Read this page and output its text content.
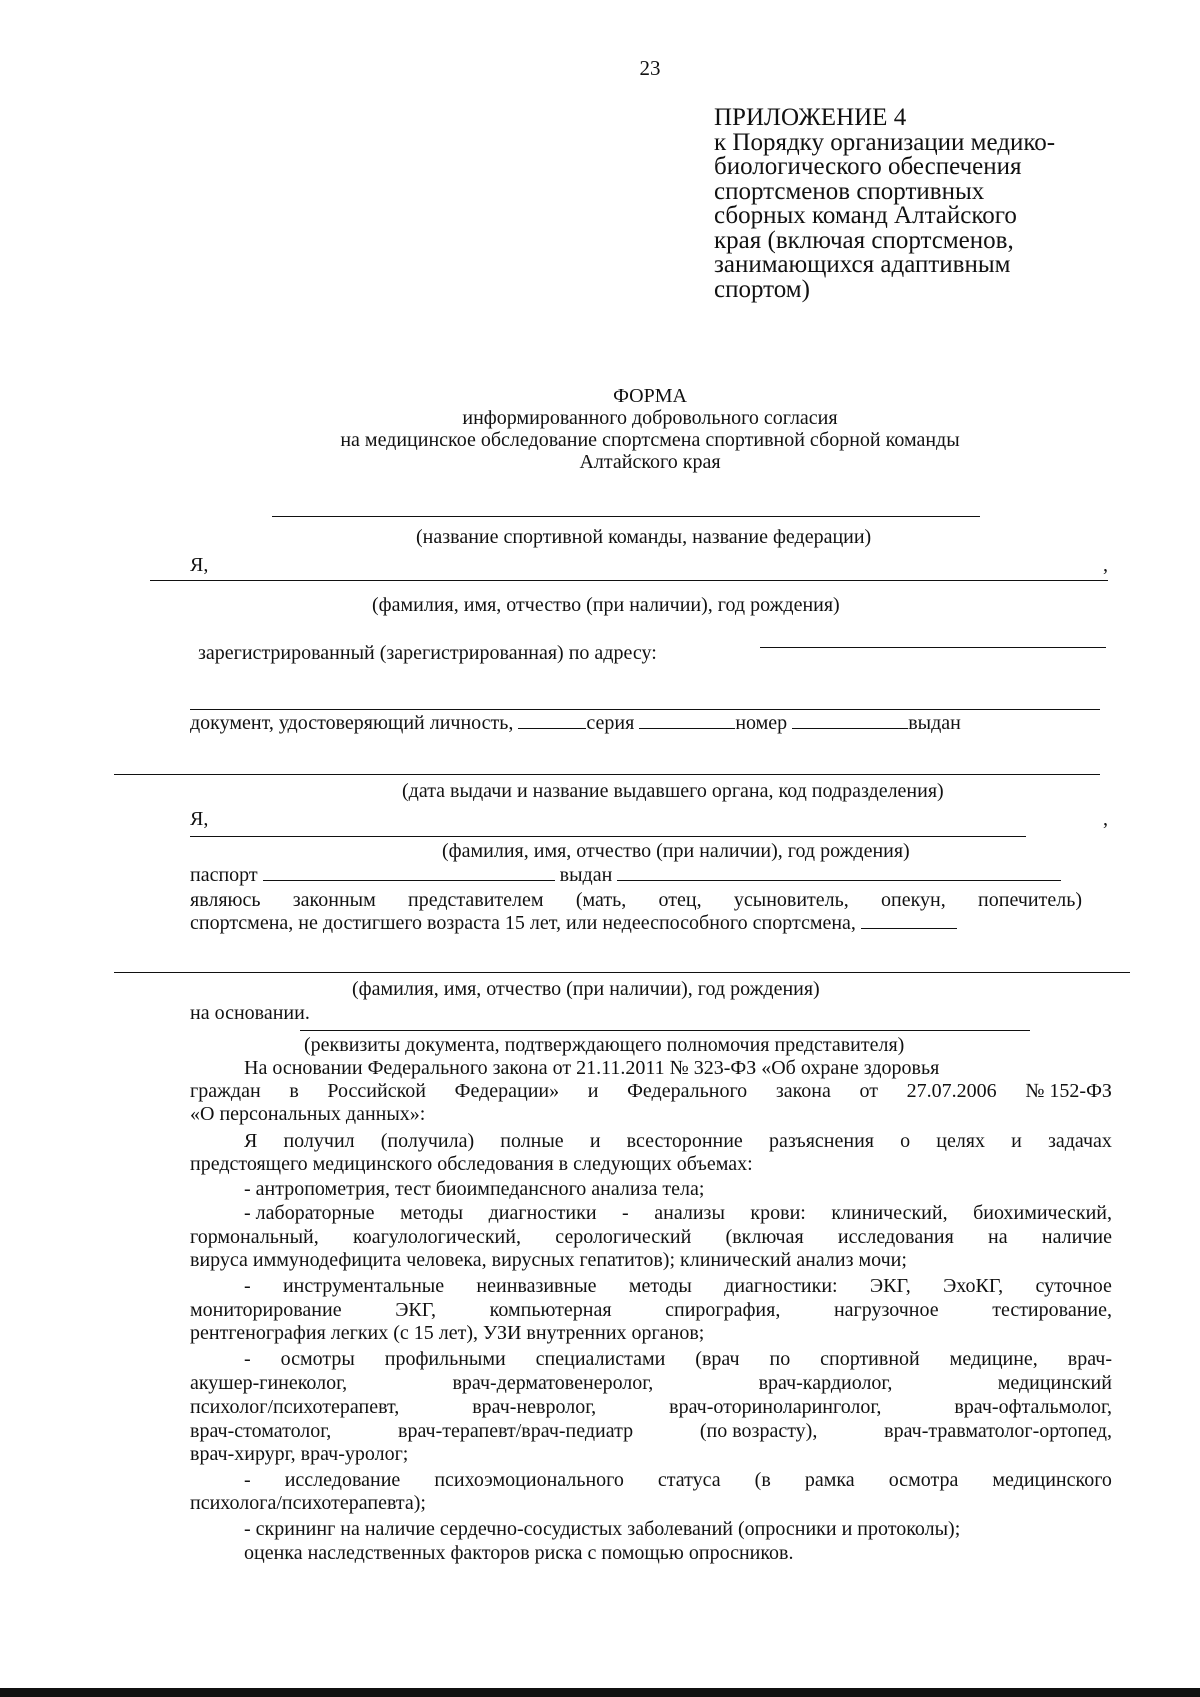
23
ПРИЛОЖЕНИЕ 4
к Порядку организации медико-
биологического обеспечения
спортсменов спортивных
сборных команд Алтайского
края (включая спортсменов,
занимающихся адаптивным
спортом)
ФОРМА
информированного добровольного согласия
на медицинское обследование спортсмена спортивной сборной команды
Алтайского края
(название спортивной команды, название федерации)
Я,	,
(фамилия, имя, отчество (при наличии), год рождения)
зарегистрированный (зарегистрированная) по адресу:
документ, удостоверяющий личность,	серия	номер	выдан
(дата выдачи и название выдавшего органа, код подразделения)
Я,	,
(фамилия, имя, отчество (при наличии), год рождения)
паспорт	выдан
являюсь законным представителем (мать, отец, усыновитель, опекун, попечитель)
спортсмена, не достигшего возраста 15 лет, или недееспособного спортсмена,
(фамилия, имя, отчество (при наличии), год рождения)
на основании.
(реквизиты документа, подтверждающего полномочия представителя)
На основании Федерального закона от 21.11.2011 № 323-ФЗ «Об охране здоровья
граждан в Российской Федерации» и Федерального закона от 27.07.2006 № 152-ФЗ
«О персональных данных»:
Я получил (получила) полные и всесторонние разъяснения о целях и задачах
предстоящего медицинского обследования в следующих объемах:
- антропометрия, тест биоимпедансного анализа тела;
- лабораторные методы диагностики - анализы крови: клинический, биохимический,
гормональный, коагулологический, серологический (включая исследования на наличие
вируса иммунодефицита человека, вирусных гепатитов); клинический анализ мочи;
- инструментальные неинвазивные методы диагностики: ЭКГ, ЭхоКГ, суточное
мониторирование	ЭКГ,	компьютерная	спирография,	нагрузочное	тестирование,
рентгенография легких (с 15 лет), УЗИ внутренних органов;
- осмотры профильными специалистами (врач по спортивной медицине, врач-
акушер-гинеколог,	врач-дерматовенеролог,	врач-кардиолог,	медицинский
психолог/психотерапевт,	врач-невролог,	врач-оториноларинголог,	врач-офтальмолог,
врач-стоматолог,	врач-терапевт/врач-педиатр	(по возрасту),	врач-травматолог-ортопед,
врач-хирург, врач-уролог;
- исследование психоэмоционального статуса (в рамка осмотра медицинского
психолога/психотерапевта);
- скрининг на наличие сердечно-сосудистых заболеваний (опросники и протоколы);
оценка наследственных факторов риска с помощью опросников.
